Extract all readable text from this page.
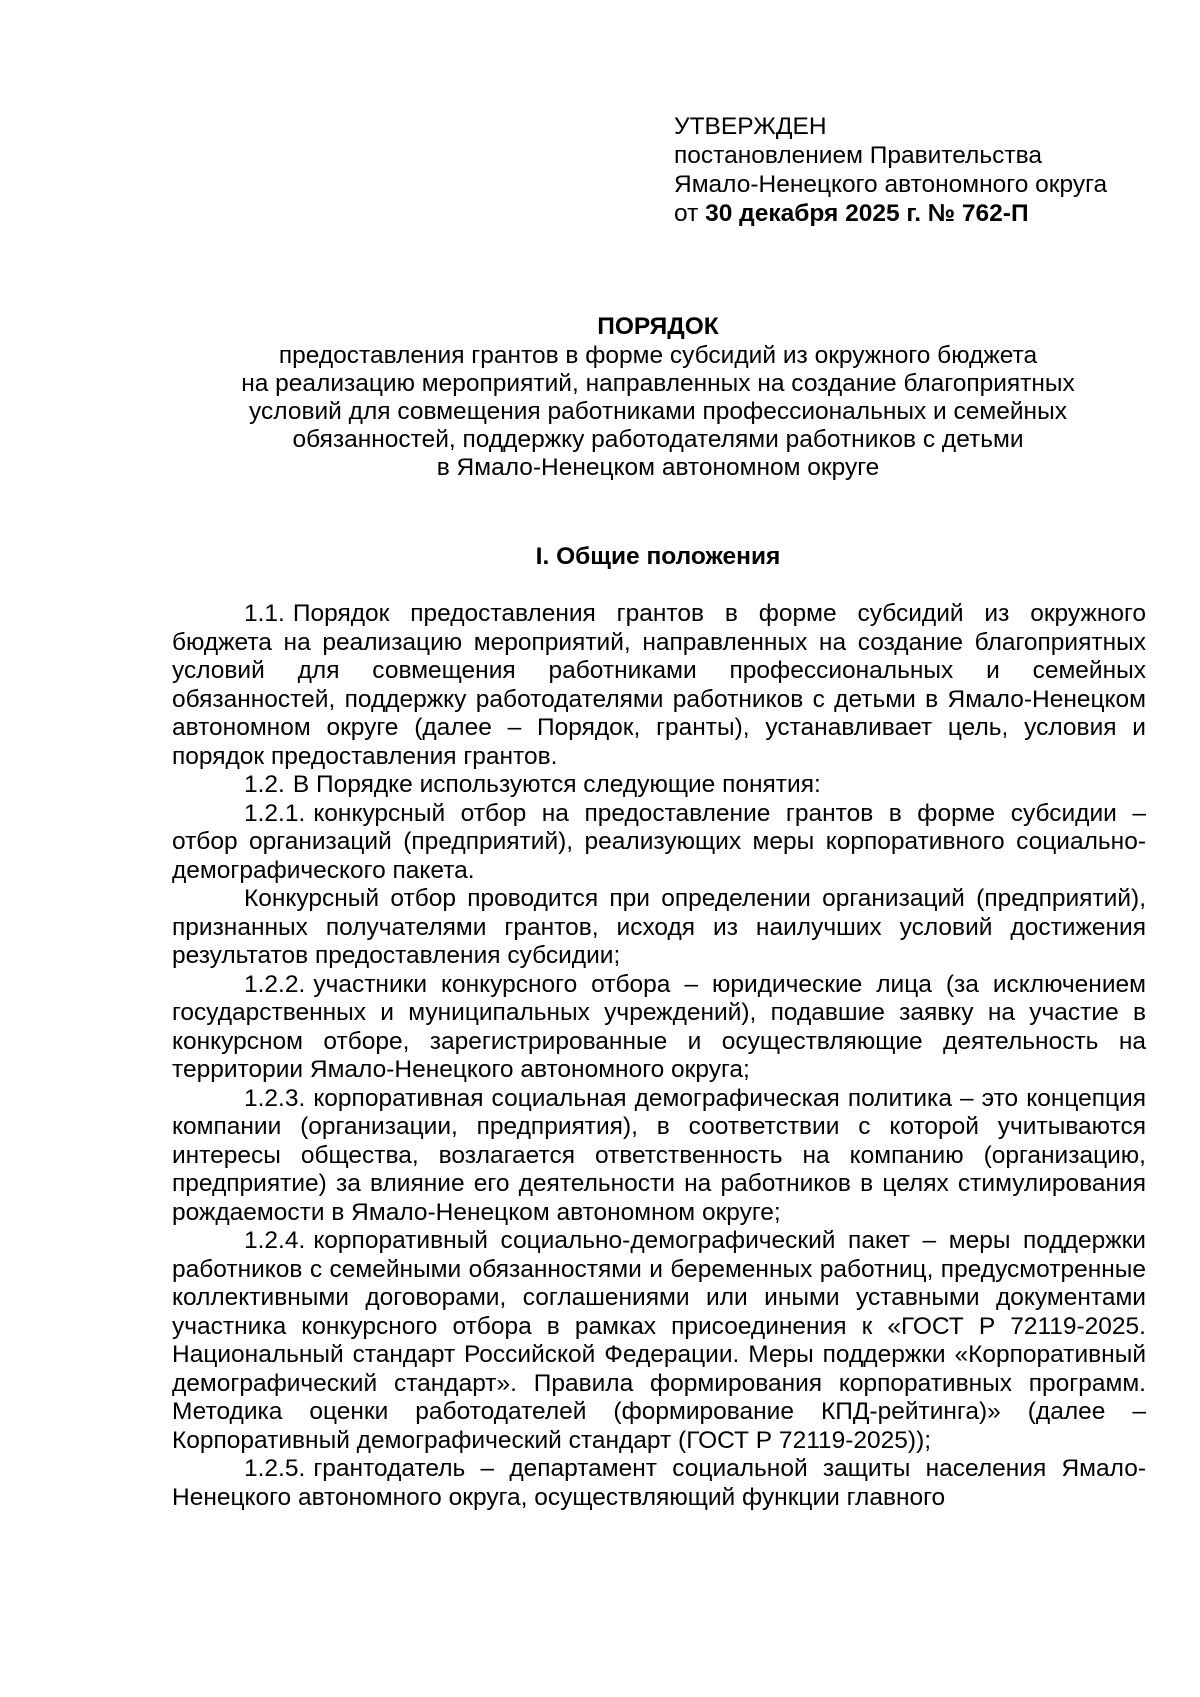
УТВЕРЖДЕН

постановлением Правительства

Ямало-Ненецкого автономного округа

от 30 декабря 2025 г. № 762-П

ПОРЯДОК

предоставления грантов в форме субсидий из окружного бюджета

на реализацию мероприятий, направленных на создание благоприятных

условий для совмещения работниками профессиональных и семейных

обязанностей, поддержку работодателями работников с детьми

в Ямало-Ненецком автономном округе

I. Общие положения

1.1. Порядок предоставления грантов в форме субсидий из окружного бюджета на реализацию мероприятий, направленных на создание благоприятных условий для совмещения работниками профессиональных и семейных обязанностей, поддержку работодателями работников с детьми в Ямало-Ненецком автономном округе (далее – Порядок, гранты), устанавливает цель, условия и порядок предоставления грантов.

1.2. В Порядке используются следующие понятия:

1.2.1. конкурсный отбор на предоставление грантов в форме субсидии – отбор организаций (предприятий), реализующих меры корпоративного социально-демографического пакета.

Конкурсный отбор проводится при определении организаций (предприятий), признанных получателями грантов, исходя из наилучших условий достижения результатов предоставления субсидии;

1.2.2. участники конкурсного отбора – юридические лица (за исключением государственных и муниципальных учреждений), подавшие заявку на участие в конкурсном отборе, зарегистрированные и осуществляющие деятельность на территории Ямало-Ненецкого автономного округа;

1.2.3. корпоративная социальная демографическая политика – это концепция компании (организации, предприятия), в соответствии с которой учитываются интересы общества, возлагается ответственность на компанию (организацию, предприятие) за влияние его деятельности на работников в целях стимулирования рождаемости в Ямало-Ненецком автономном округе;

1.2.4. корпоративный социально-демографический пакет – меры поддержки работников с семейными обязанностями и беременных работниц, предусмотренные коллективными договорами, соглашениями или иными уставными документами участника конкурсного отбора в рамках присоединения к «ГОСТ Р 72119-2025. Национальный стандарт Российской Федерации. Меры поддержки «Корпоративный демографический стандарт». Правила формирования корпоративных программ. Методика оценки работодателей (формирование КПД-рейтинга)» (далее – Корпоративный демографический стандарт (ГОСТ Р 72119-2025));

1.2.5. грантодатель – департамент социальной защиты населения Ямало-Ненецкого автономного округа, осуществляющий функции главного
